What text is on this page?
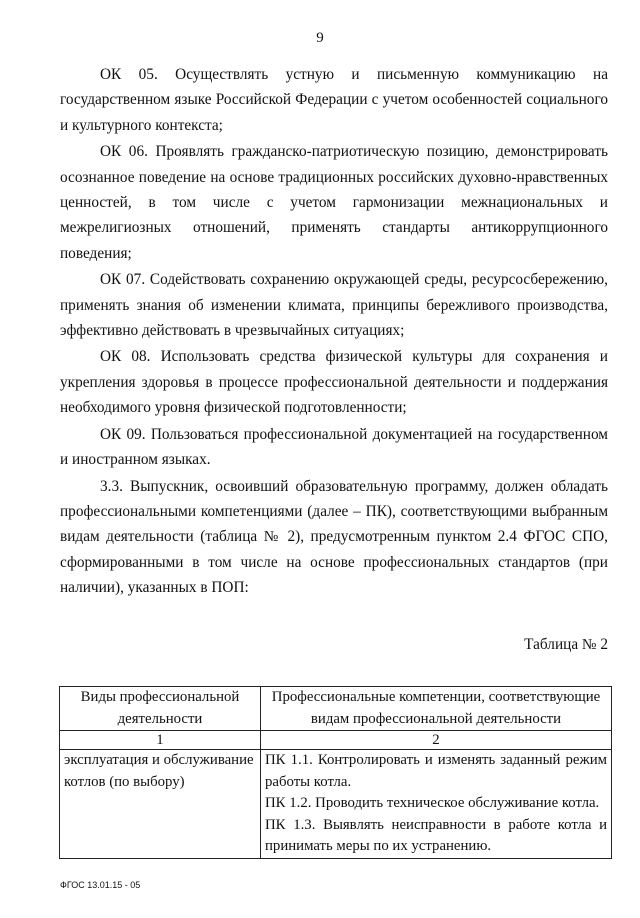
9

ОК 05. Осуществлять устную и письменную коммуникацию на государственном языке Российской Федерации с учетом особенностей социального и культурного контекста;

ОК 06. Проявлять гражданско-патриотическую позицию, демонстрировать осознанное поведение на основе традиционных российских духовно-нравственных ценностей, в том числе с учетом гармонизации межнациональных и межрелигиозных отношений, применять стандарты антикоррупционного поведения;

ОК 07. Содействовать сохранению окружающей среды, ресурсосбережению, применять знания об изменении климата, принципы бережливого производства, эффективно действовать в чрезвычайных ситуациях;

ОК 08. Использовать средства физической культуры для сохранения и укрепления здоровья в процессе профессиональной деятельности и поддержания необходимого уровня физической подготовленности;

ОК 09. Пользоваться профессиональной документацией на государственном и иностранном языках.

3.3. Выпускник, освоивший образовательную программу, должен обладать профессиональными компетенциями (далее – ПК), соответствующими выбранным видам деятельности (таблица № 2), предусмотренным пунктом 2.4 ФГОС СПО, сформированными в том числе на основе профессиональных стандартов (при наличии), указанных в ПОП:

Таблица № 2
Виды профессиональной деятельности	Профессиональные компетенции, соответствующие видам профессиональной деятельности
1	2
эксплуатация и обслуживание котлов (по выбору)	ПК 1.1. Контролировать и изменять заданный режим работы котла.
ПК 1.2. Проводить техническое обслуживание котла.
ПК 1.3. Выявлять неисправности в работе котла и принимать меры по их устранению.
ФГОС 13.01.15 - 05
